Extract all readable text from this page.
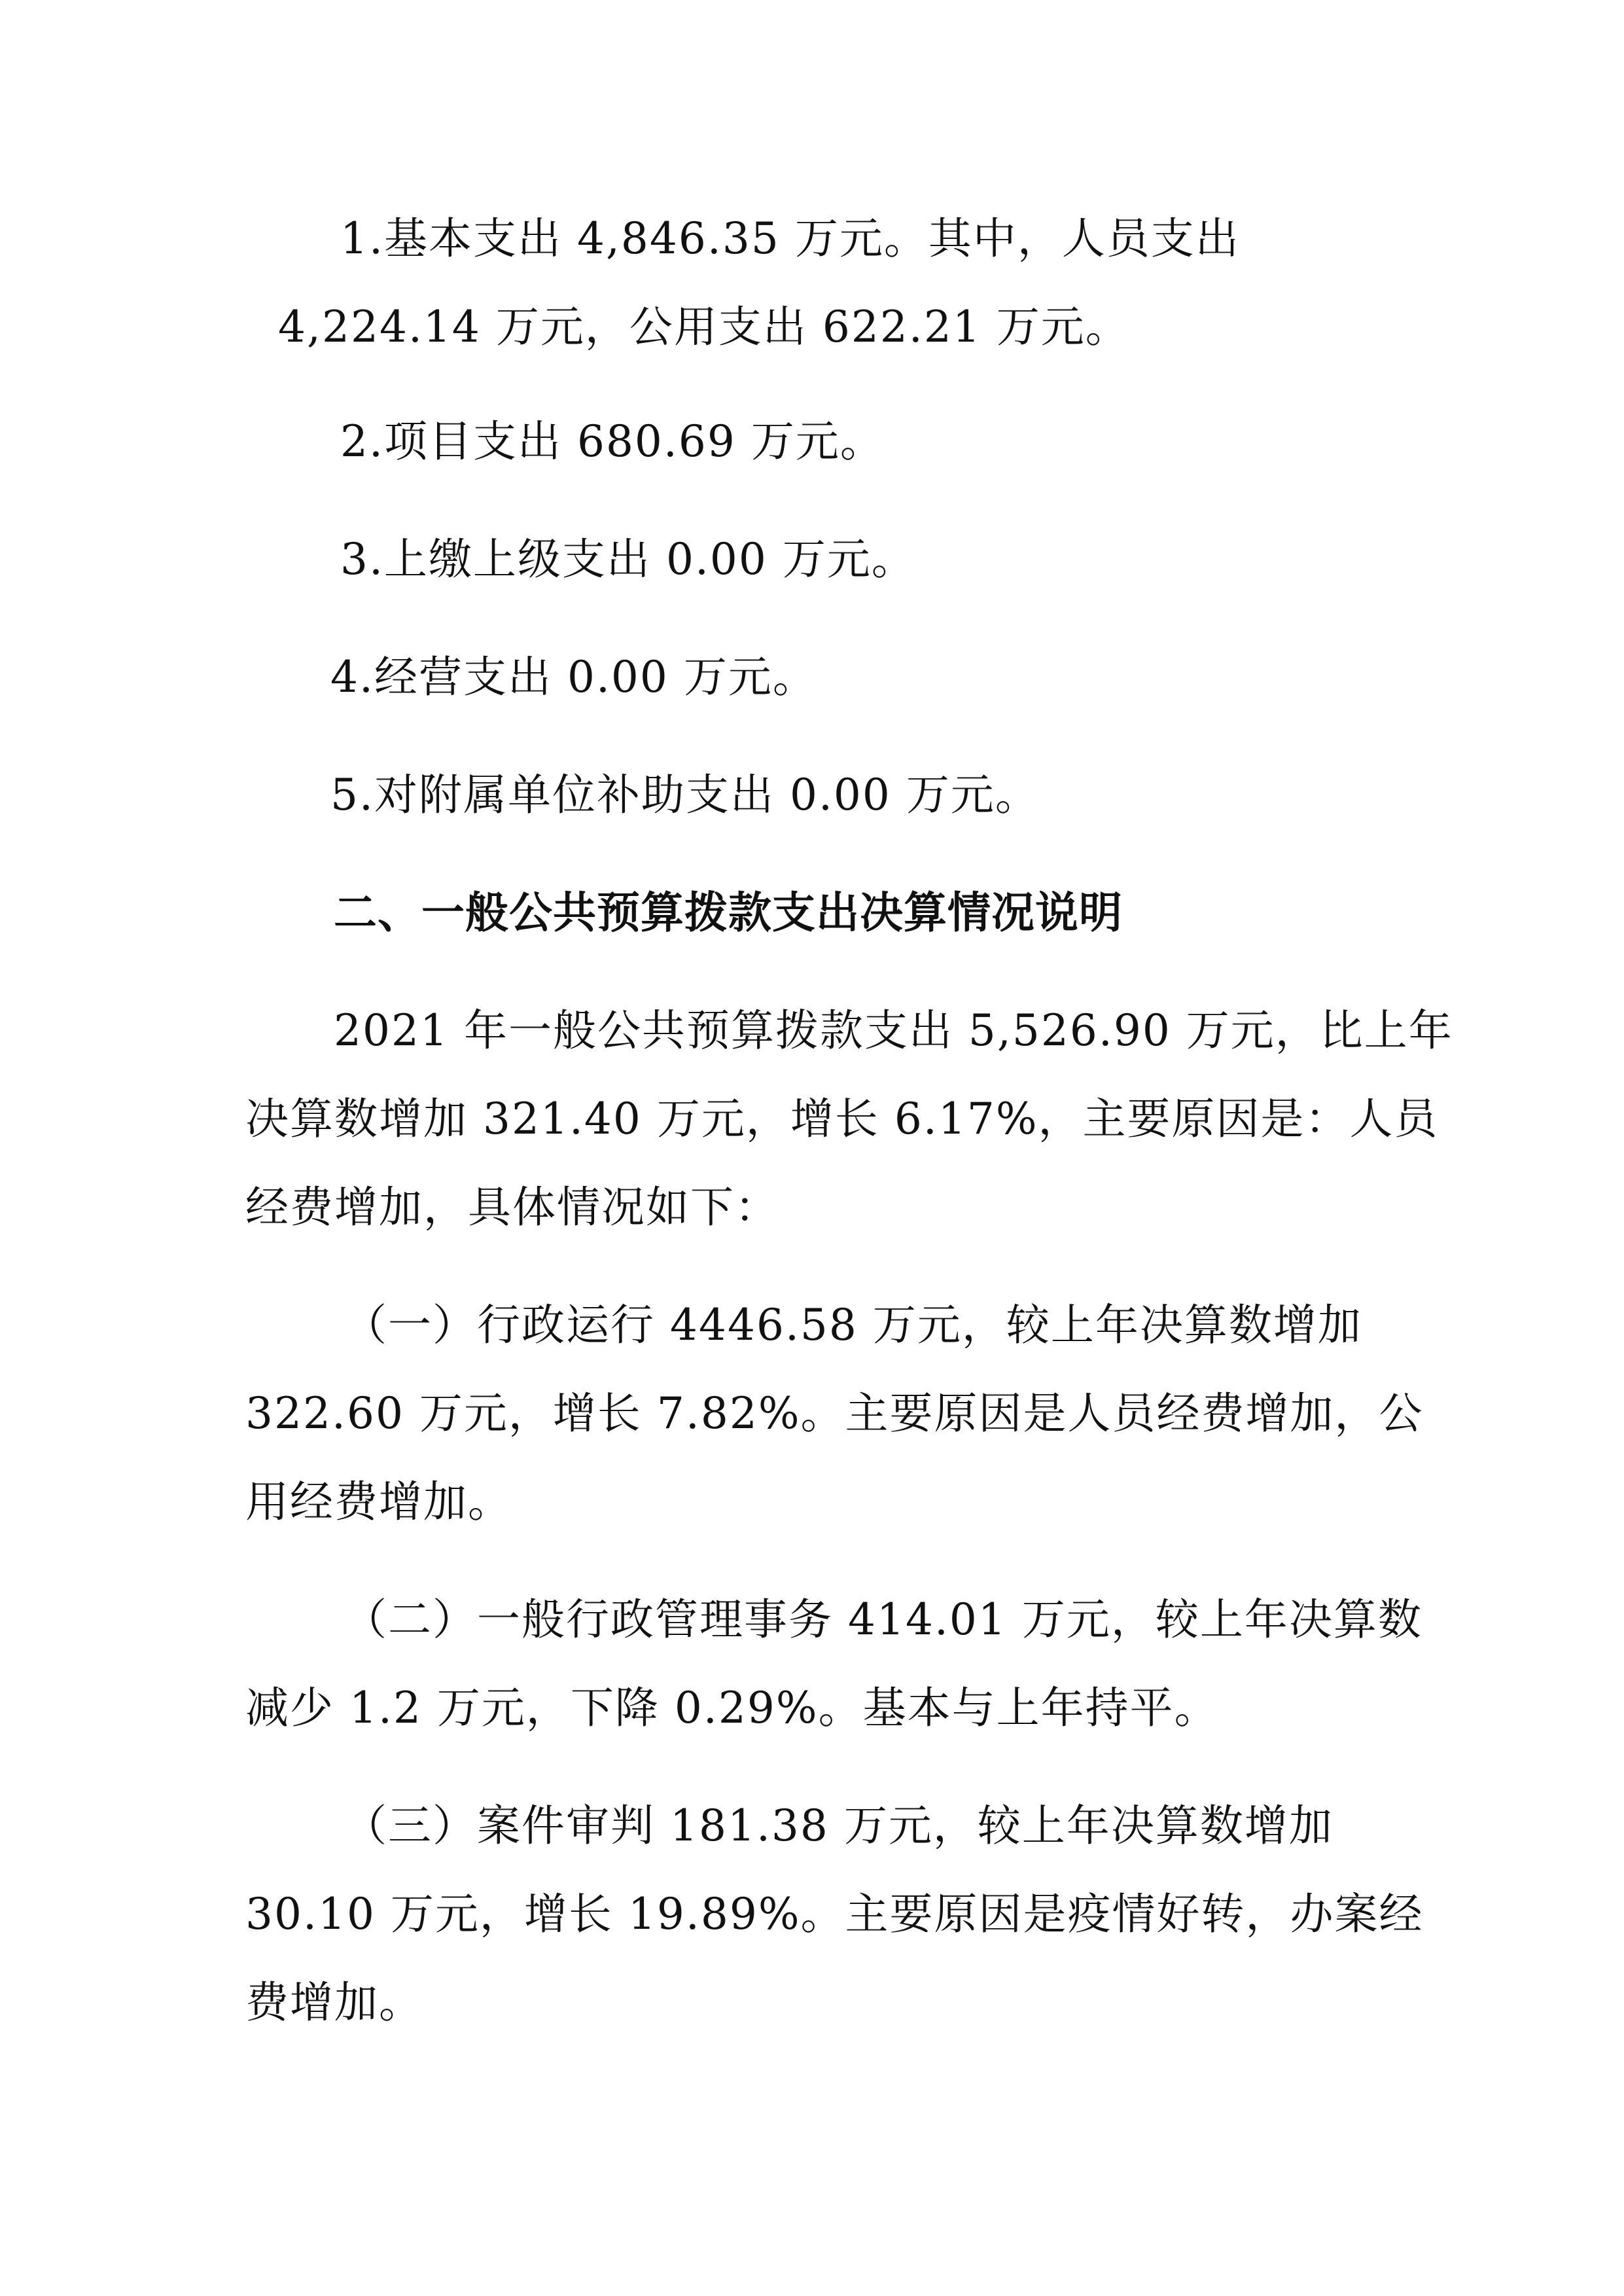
1.基本支出 4,846.35 万元。其中，人员支出
4,224.14 万元，公用支出 622.21 万元。
2.项目支出 680.69 万元。
3.上缴上级支出 0.00 万元。
4.经营支出 0.00 万元。
5.对附属单位补助支出 0.00 万元。
二、一般公共预算拨款支出决算情况说明
2021 年一般公共预算拨款支出 5,526.90 万元，比上年
决算数增加 321.40 万元，增长 6.17%，主要原因是：人员
经费增加，具体情况如下：
（一）行政运行 4446.58 万元，较上年决算数增加
322.60 万元，增长 7.82%。主要原因是人员经费增加，公
用经费增加。
（二）一般行政管理事务 414.01 万元，较上年决算数
减少 1.2 万元，下降 0.29%。基本与上年持平。
（三）案件审判 181.38 万元，较上年决算数增加
30.10 万元，增长 19.89%。主要原因是疫情好转，办案经
费增加。
